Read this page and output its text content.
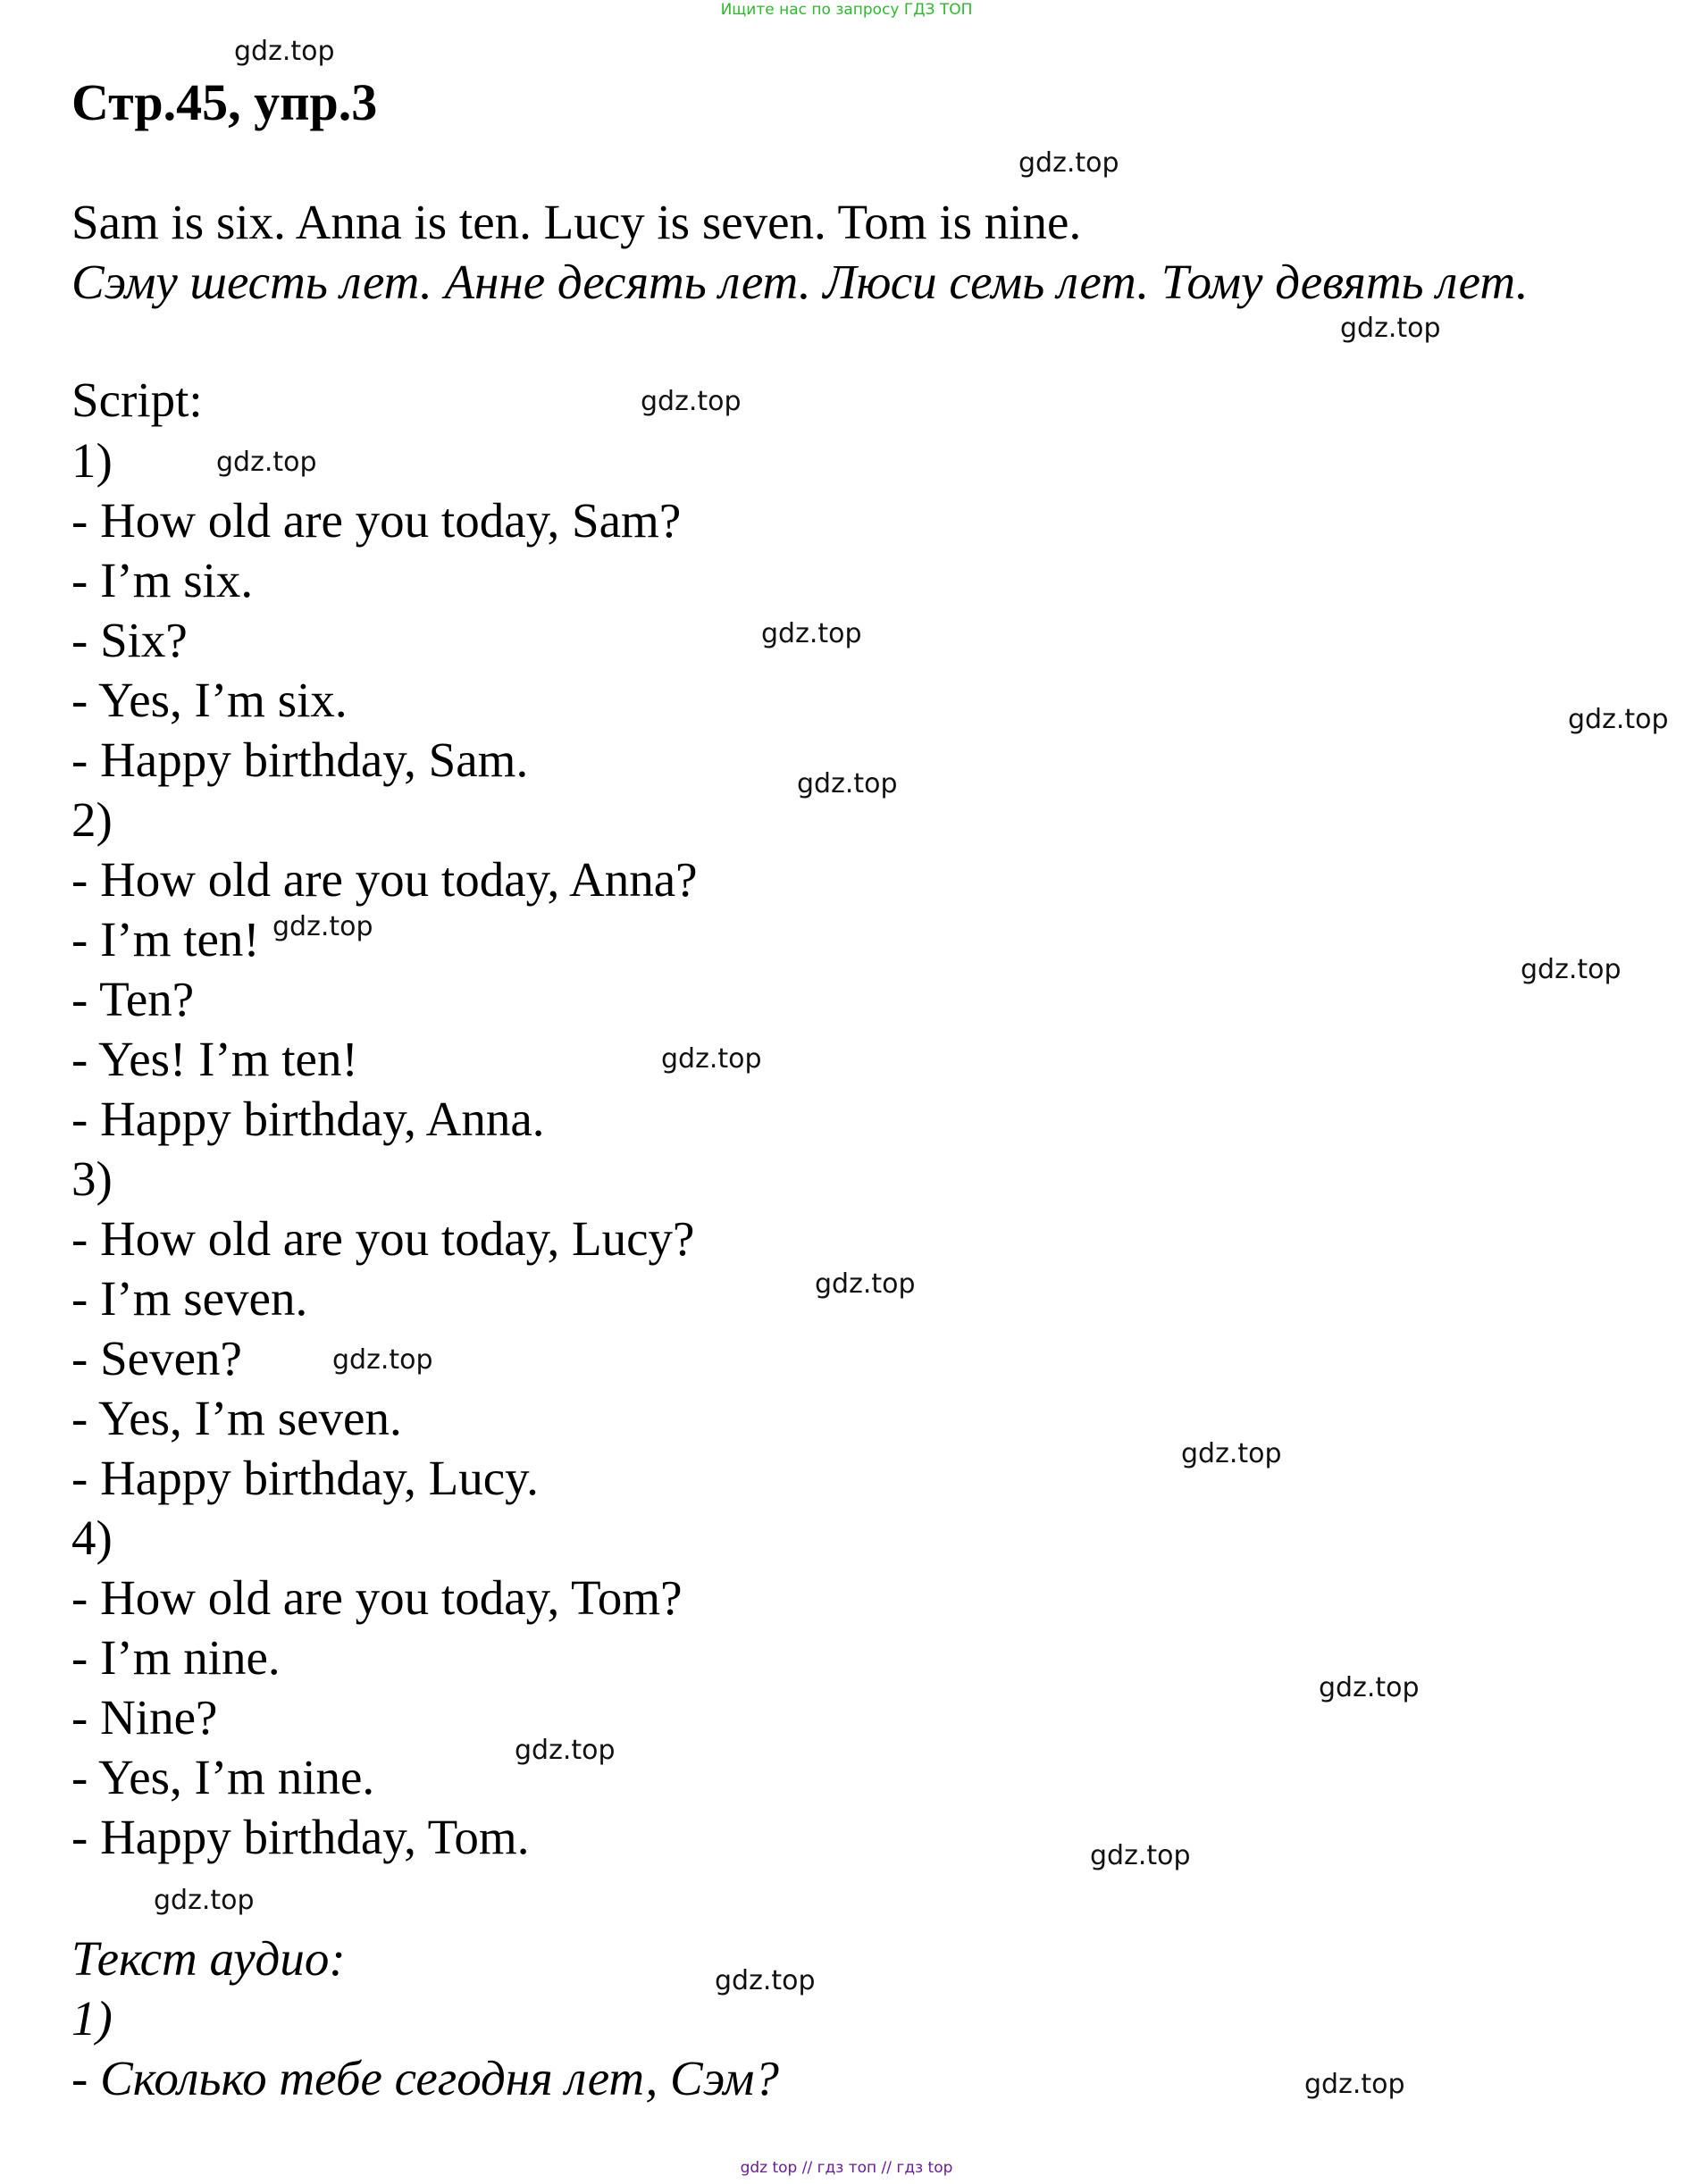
Ищите нас по запросу ГДЗ ТОП
Стр.45, упр.3
Sam is six. Anna is ten. Lucy is seven. Tom is nine.
Сэму шесть лет. Анне десять лет. Люси семь лет. Тому девять лет.
Script:
1)
- How old are you today, Sam?
- I’m six.
- Six?
- Yes, I’m six.
- Happy birthday, Sam.
2)
- How old are you today, Anna?
- I’m ten!
- Ten?
- Yes! I’m ten!
- Happy birthday, Anna.
3)
- How old are you today, Lucy?
- I’m seven.
- Seven?
- Yes, I’m seven.
- Happy birthday, Lucy.
4)
- How old are you today, Tom?
- I’m nine.
- Nine?
- Yes, I’m nine.
- Happy birthday, Tom.
Текст аудио:
1)
- Сколько тебе сегодня лет, Сэм?
gdz.top
gdz.top
gdz.top
gdz.top
gdz.top
gdz.top
gdz.top
gdz.top
gdz.top
gdz.top
gdz.top
gdz.top
gdz.top
gdz.top
gdz.top
gdz.top
gdz.top
gdz.top
gdz.top
gdz.top
gdz top // гдз топ // гдз top
